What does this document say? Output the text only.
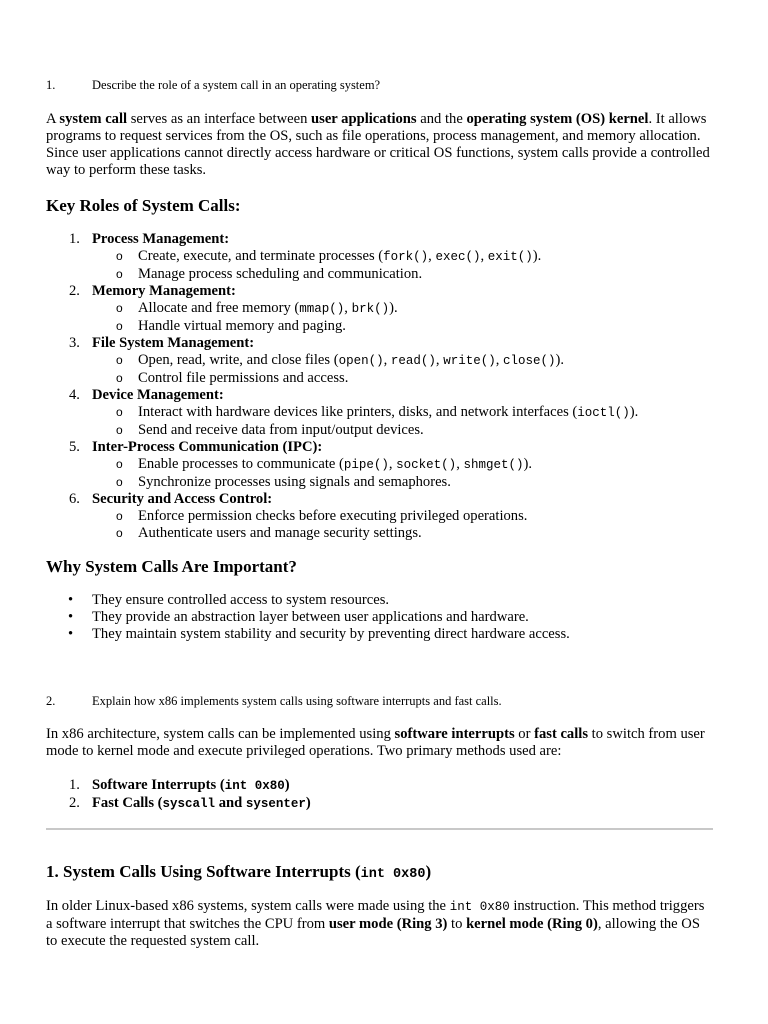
1.	Describe the role of a system call in an operating system?

A system call serves as an interface between user applications and the operating system (OS) kernel. It allows programs to request services from the OS, such as file operations, process management, and memory allocation. Since user applications cannot directly access hardware or critical OS functions, system calls provide a controlled way to perform these tasks.

Key Roles of System Calls:
1. Process Management:
o Create, execute, and terminate processes (fork(), exec(), exit()).
o Manage process scheduling and communication.
2. Memory Management:
o Allocate and free memory (mmap(), brk()).
o Handle virtual memory and paging.
3. File System Management:
o Open, read, write, and close files (open(), read(), write(), close()).
o Control file permissions and access.
4. Device Management:
o Interact with hardware devices like printers, disks, and network interfaces (ioctl()).
o Send and receive data from input/output devices.
5. Inter-Process Communication (IPC):
o Enable processes to communicate (pipe(), socket(), shmget()).
o Synchronize processes using signals and semaphores.
6. Security and Access Control:
o Enforce permission checks before executing privileged operations.
o Authenticate users and manage security settings.
Why System Calls Are Important?
• They ensure controlled access to system resources.
• They provide an abstraction layer between user applications and hardware.
• They maintain system stability and security by preventing direct hardware access.
2.	Explain how x86 implements system calls using software interrupts and fast calls.

In x86 architecture, system calls can be implemented using software interrupts or fast calls to switch from user mode to kernel mode and execute privileged operations. Two primary methods used are:

1. Software Interrupts (int 0x80)
2. Fast Calls (syscall and sysenter)
1. System Calls Using Software Interrupts (int 0x80)

In older Linux-based x86 systems, system calls were made using the int 0x80 instruction. This method triggers a software interrupt that switches the CPU from user mode (Ring 3) to kernel mode (Ring 0), allowing the OS to execute the requested system call.
